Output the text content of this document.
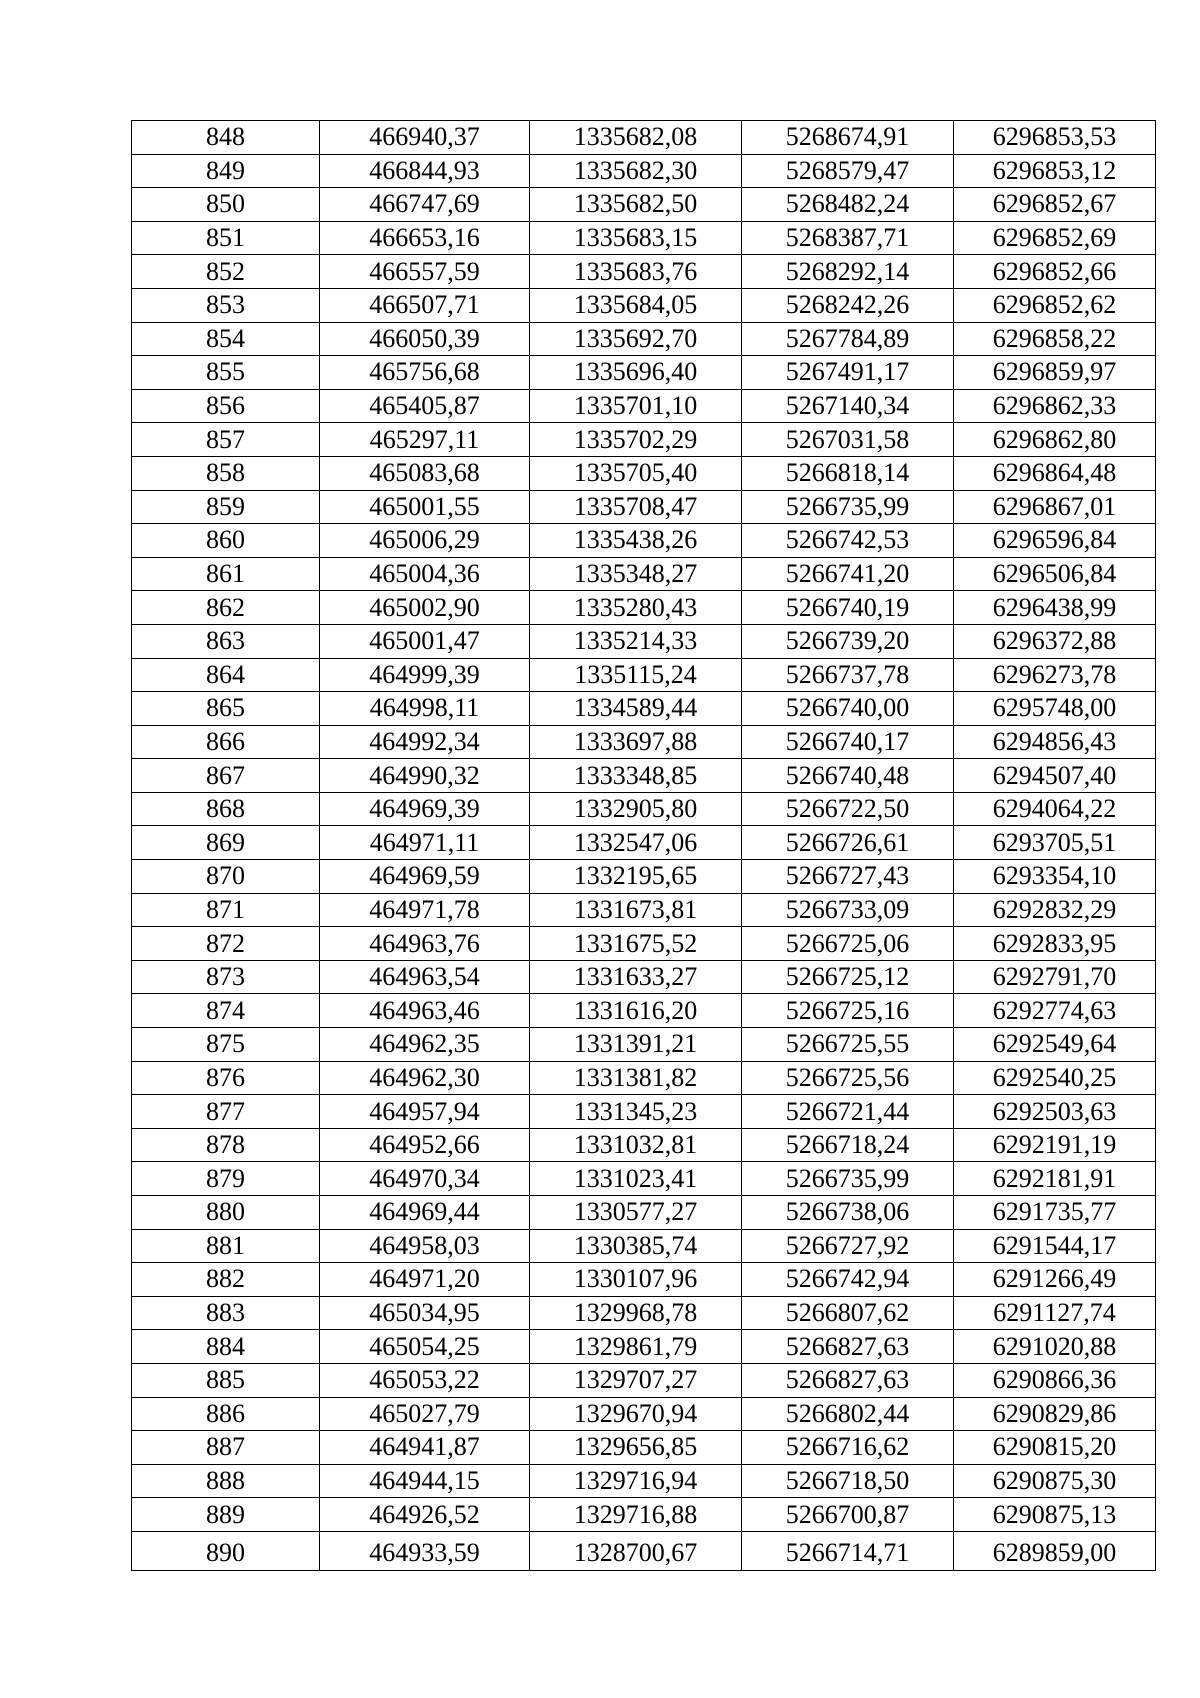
848	466940,37	1335682,08	5268674,91	6296853,53
849	466844,93	1335682,30	5268579,47	6296853,12
850	466747,69	1335682,50	5268482,24	6296852,67
851	466653,16	1335683,15	5268387,71	6296852,69
852	466557,59	1335683,76	5268292,14	6296852,66
853	466507,71	1335684,05	5268242,26	6296852,62
854	466050,39	1335692,70	5267784,89	6296858,22
855	465756,68	1335696,40	5267491,17	6296859,97
856	465405,87	1335701,10	5267140,34	6296862,33
857	465297,11	1335702,29	5267031,58	6296862,80
858	465083,68	1335705,40	5266818,14	6296864,48
859	465001,55	1335708,47	5266735,99	6296867,01
860	465006,29	1335438,26	5266742,53	6296596,84
861	465004,36	1335348,27	5266741,20	6296506,84
862	465002,90	1335280,43	5266740,19	6296438,99
863	465001,47	1335214,33	5266739,20	6296372,88
864	464999,39	1335115,24	5266737,78	6296273,78
865	464998,11	1334589,44	5266740,00	6295748,00
866	464992,34	1333697,88	5266740,17	6294856,43
867	464990,32	1333348,85	5266740,48	6294507,40
868	464969,39	1332905,80	5266722,50	6294064,22
869	464971,11	1332547,06	5266726,61	6293705,51
870	464969,59	1332195,65	5266727,43	6293354,10
871	464971,78	1331673,81	5266733,09	6292832,29
872	464963,76	1331675,52	5266725,06	6292833,95
873	464963,54	1331633,27	5266725,12	6292791,70
874	464963,46	1331616,20	5266725,16	6292774,63
875	464962,35	1331391,21	5266725,55	6292549,64
876	464962,30	1331381,82	5266725,56	6292540,25
877	464957,94	1331345,23	5266721,44	6292503,63
878	464952,66	1331032,81	5266718,24	6292191,19
879	464970,34	1331023,41	5266735,99	6292181,91
880	464969,44	1330577,27	5266738,06	6291735,77
881	464958,03	1330385,74	5266727,92	6291544,17
882	464971,20	1330107,96	5266742,94	6291266,49
883	465034,95	1329968,78	5266807,62	6291127,74
884	465054,25	1329861,79	5266827,63	6291020,88
885	465053,22	1329707,27	5266827,63	6290866,36
886	465027,79	1329670,94	5266802,44	6290829,86
887	464941,87	1329656,85	5266716,62	6290815,20
888	464944,15	1329716,94	5266718,50	6290875,30
889	464926,52	1329716,88	5266700,87	6290875,13
890	464933,59	1328700,67	5266714,71	6289859,00
